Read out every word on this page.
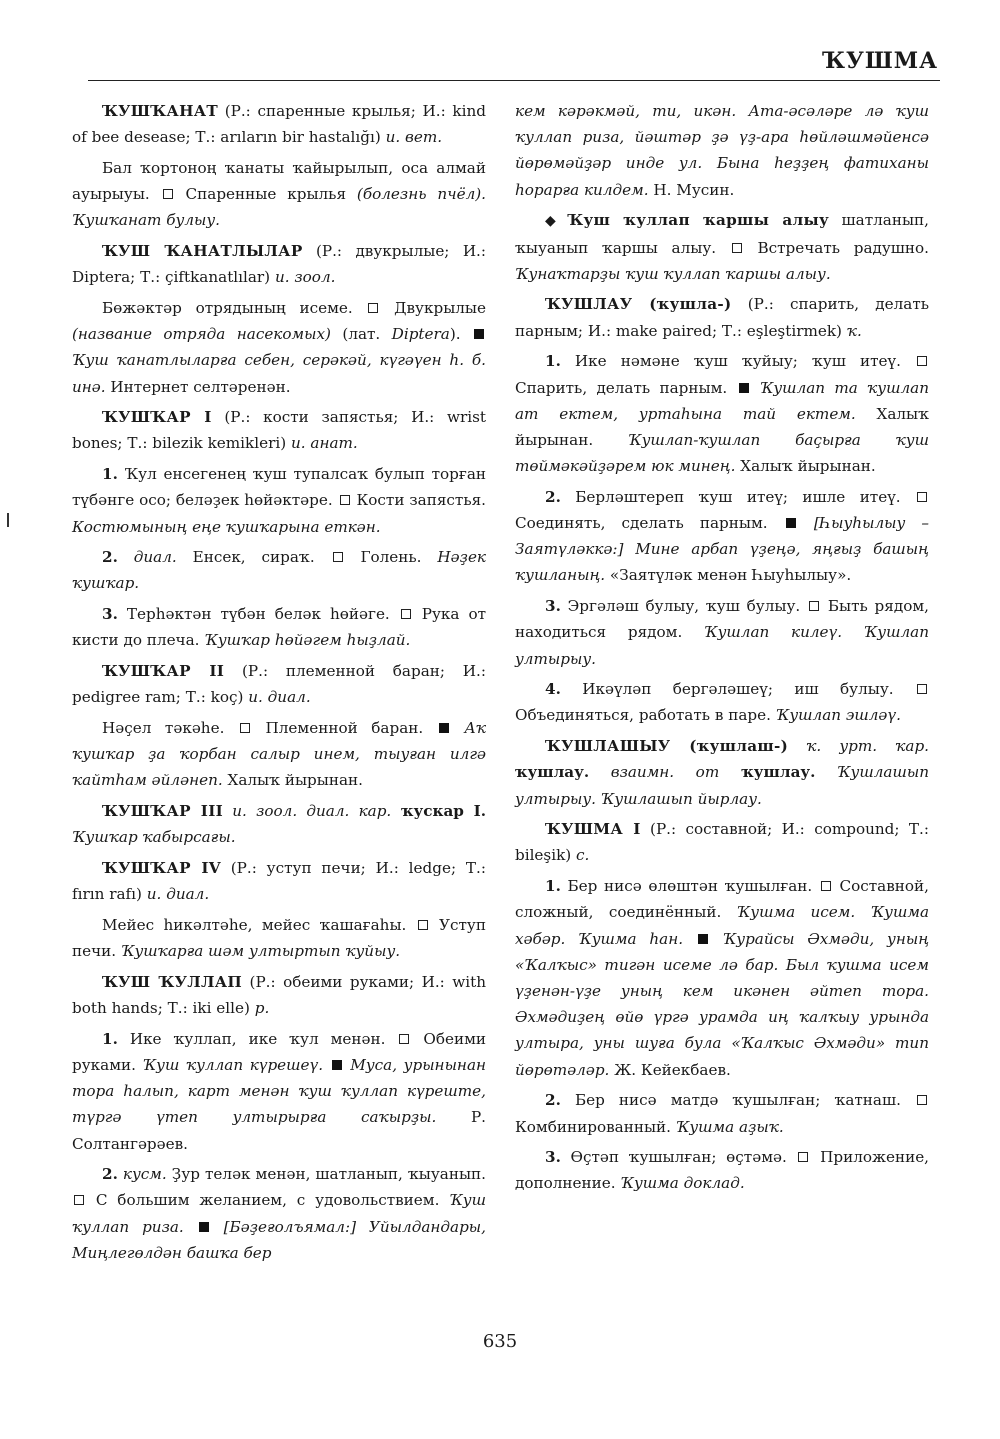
ҠУШМА

ҠУШҠАНАТ (Р.: спаренные крылья; И.: kind of bee desease; Т.: arıların bir hastalığı) и. вет.

Бал ҡортоноң ҡанаты ҡайырылып, оса алмай ауырыуы.  Спаренные крылья (болезнь пчёл). Ҡушҡанат булыу.

ҠУШ ҠАНАТЛЫЛАР (Р.: двукрылые; И.: Diptera; Т.: çiftkanatlılar) и. зоол.

Бөжәктәр отрядының исеме.  Двукрылые (название отряда насекомых) (лат. Diptera).  Ҡуш ҡанатлыларға себен, серәкәй, күгәүен һ. б. инә. Интернет селтәренән.

ҠУШҠАР I (Р.: кости запястья; И.: wrist bones; Т.: bilezik kemikleri) и. анат.

1. Ҡул енсегенең ҡуш тупалсаҡ булып торған түбәнге осо; беләҙек һөйәктәре.  Кости запястья. Костюмының еңе ҡушҡарына еткән.

2. диал. Енсек, сираҡ.  Голень. Нәҙек ҡушҡар.

3. Терһәктән түбән беләк һөйәге.  Рука от кисти до плеча. Ҡушҡар һөйәгем һыҙлай.

ҠУШҠАР II (Р.: племенной баран; И.: pedigree ram; Т.: koç) и. диал.

Нәҫел тәкәһе.  Племенной баран.  Аҡ ҡушҡар ҙа ҡорбан салыр инем, тыуған илгә ҡайтһам әйләнеп. Халыҡ йырынан.

ҠУШҠАР III и. зоол. диал. кар. ҡускар I. Ҡушҡар ҡабырсағы.

ҠУШҠАР IV (Р.: уступ печи; И.: ledge; Т.: fırın rafı) и. диал.

Мейес һикәлтәһе, мейес ҡашағаһы.  Уступ печи. Ҡушҡарға шәм ултыртып ҡуйыу.

ҠУШ ҠУЛЛАП (Р.: обеими руками; И.: with both hands; Т.: iki elle) р.

1. Ике ҡуллап, ике ҡул менән.  Обеими руками. Ҡуш ҡуллап күрешеү.  Муса, урынынан тора һалып, карт менән ҡуш ҡуллап күреште, түргә үтеп ултырырға саҡырҙы. Р. Солтангәрәев.

2. кусм. Ҙур теләк менән, шатланып, ҡыуанып.  С большим желанием, с удовольствием. Ҡуш ҡуллап риза.  [Бәҙеғолъямал:] Уйылдандары, Миңлегөлдән башҡа бер

кем кәрәкмәй, ти, икән. Ата-әсәләре лә ҡуш ҡуллап риза, йәштәр ҙә үҙ-ара һөйләшмәйенсә йөрөмәйҙәр инде ул. Бына һеҙҙең фатиханы һорарға килдем. Н. Мусин.

◆ Ҡуш ҡуллап ҡаршы алыу шатланып, ҡыуанып ҡаршы алыу.  Встречать радушно. Ҡунаҡтарҙы ҡуш ҡуллап ҡаршы алыу.

ҠУШЛАУ (ҡушла-) (Р.: спарить, делать парным; И.: make paired; Т.: eşleştirmek) ҡ.

1. Ике нәмәне ҡуш ҡуйыу; ҡуш итеү.  Спарить, делать парным.  Ҡушлап та ҡушлап ат ектем, уртаһына тай ектем. Халыҡ йырынан. Ҡушлап-ҡушлап баҫырға ҡуш төймәкәйҙәрем юк минең. Халыҡ йырынан.

2. Берләштереп ҡуш итеү; ишле итеү.  Соединять, сделать парным.  [Һыуһылыу – Заятүләккә:] Мине арбап үҙеңә, яңғыҙ башың ҡушланың. «Заятүләк менән Һыуһылыу».

3. Эргәләш булыу, ҡуш булыу.  Быть рядом, находиться рядом. Ҡушлап килеү. Ҡушлап ултырыу.

4. Икәүләп бергәләшеү; иш булыу.  Объединяться, работать в паре. Ҡушлап эшләү.

ҠУШЛАШЫУ (ҡушлаш-) ҡ. урт. ҡар. ҡушлау. взаимн. от ҡушлау. Ҡушлашып ултырыу. Ҡушлашып йырлау.

ҠУШМА I (Р.: составной; И.: compound; Т.: bileşik) с.

1. Бер нисә өлөштән ҡушылған.  Составной, сложный, соединённый. Ҡушма исем. Ҡушма хәбәр. Ҡушма һан.  Ҡурайсы Әхмәди, уның «Ҡалҡыс» тигән исеме лә бар. Был ҡушма исем үҙенән-үҙе уның кем икәнен әйтеп тора. Әхмәдиҙең өйө үргә урамда иң ҡалҡыу урында ултыра, уны шуға була «Ҡалҡыс Әхмәди» тип йөрөтәләр. Ж. Кейекбаев.

2. Бер нисә матдә ҡушылған; ҡатнаш.  Комбинированный. Ҡушма аҙыҡ.

3. Өҫтәп ҡушылған; өҫтәмә.  Приложение, дополнение. Ҡушма доклад.

635
